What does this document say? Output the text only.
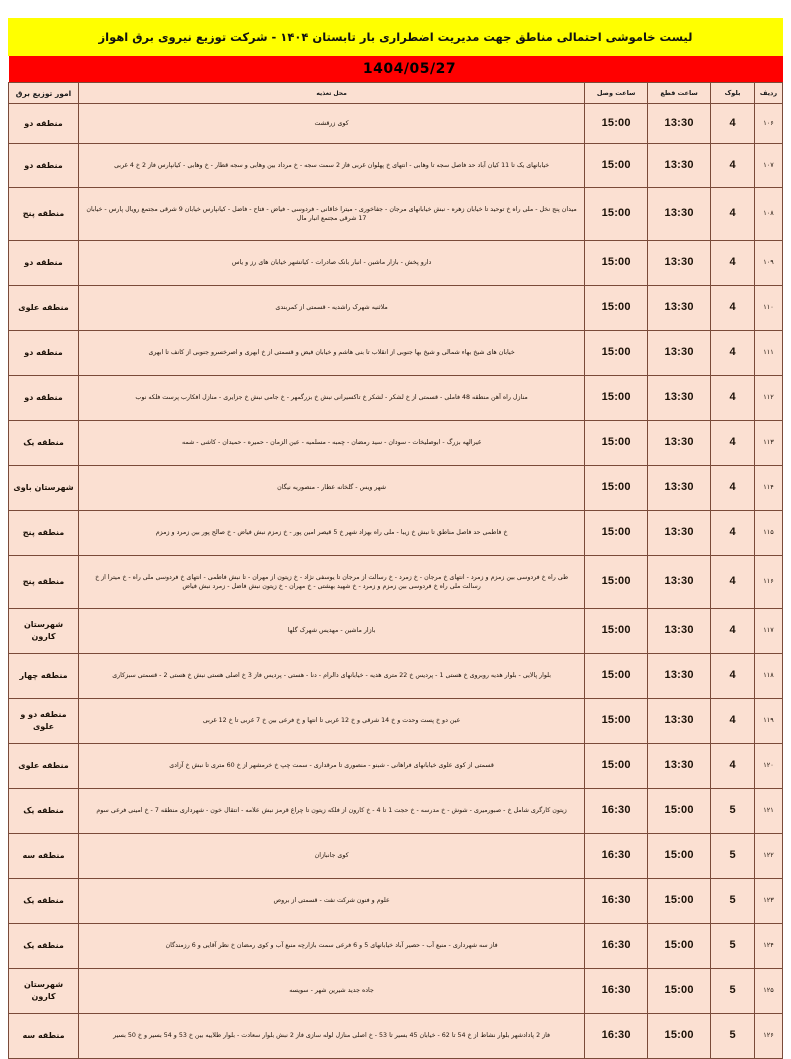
لیست خاموشی احتمالی مناطق جهت مدیریت اضطراری بار تابستان ۱۴۰۴ - شرکت توزیع نیروی برق اهواز
1404/05/27
ردیف	بلوک	ساعت قطع	ساعت وصل	محل تغذیه	امور توزیع برق
۱۰۶	4	13:30	15:00	کوی زرقشت	منطقه دو
۱۰۷	4	13:30	15:00	خیابانهای یک تا 11 کیان آباد حد فاصل سجه تا وهابی - انتهای خ پهلوان غربی فاز 2 سمت سجه - خ مرداد بین وهابی و سجه قطار - خ وهابی - کیانپارس فاز 2 خ 4 غربی	منطقه دو
۱۰۸	4	13:30	15:00	میدان پنج نخل - ملی راه خ توحید تا خیابان زهره - نبش خیابانهای مرجان - جفاخوری - میترا خاقانی - فردوسی - فیاض - فتاح - فاضل - کیانپارس خیابان 9 شرقی مجتمع رویال پارس - خیابان 17 شرقی مجتمع انبار مال	منطقه پنج
۱۰۹	4	13:30	15:00	دارو پخش - بازار ماشین - انبار بانک صادرات - کیانشهر خیابان های رز و یاس	منطقه دو
۱۱۰	4	13:30	15:00	ملاثنیه شهرک راشدیه - قسمتی از کمربندی	منطقه علوی
۱۱۱	4	13:30	15:00	خیابان های شیخ بهاء شمالی و شیخ بها جنوبی از انقلاب تا بنی هاشم و خیابان فیض و قسمتی از خ ابهری و اصرخسرو جنوبی از کانف تا ابهری	منطقه دو
۱۱۲	4	13:30	15:00	منازل راه آهن منطقه 48 فاملی - قسمتی از خ لشکر - لشکر خ تاکسیرانی نبش خ بزرگمهر - خ جامی نبش خ جزایری - منازل افکارب پرست فلکه نوب	منطقه دو
۱۱۳	4	13:30	15:00	غیرالهه بزرگ - ابوصلیخات - سودان - سید رمضان - چمبه - مسلمیه - عین الزمان - حمیره - حمیدان - کاشی - شمه	منطقه یک
۱۱۴	4	13:30	15:00	شهر ویس - گلخانه عطار - منصوریه نیگان	شهرستان باوی
۱۱۵	4	13:30	15:00	خ فاطمی حد فاصل مناطق تا نبش خ زیبا - ملی راه بهزاد شهر خ 5 قیصر امین پور - خ زمزم نبش فیاض - خ صالح پور بین زمرد و زمزم	منطقه پنج
۱۱۶	4	13:30	15:00	طی راه خ فردوسی بین زمزم و زمرد - انتهای خ مرجان - خ زمرد - خ رسالت از مرجان تا یوسفی نژاد - خ زیتون از مهران - تا نبش فاطمی - انتهای خ فردوسی ملی راه - خ میترا از خ رسالت ملی راه خ فردوسی بین زمزم و زمرد - خ شهید بهشتی - خ مهران - خ زیتون نبش فاضل - زمرد نبش فیاض	منطقه پنج
۱۱۷	4	13:30	15:00	بازار ماشین - مهدیس شهرک گلها	شهرستان کارون
۱۱۸	4	13:30	15:00	بلوار پالایی - بلوار هدیه روبروی خ هستی 1 - پردیس خ 22 متری هدیه - خیابانهای دالرام - دنا - هستی - پردیس فاز 3 خ اصلی هستی نبش خ هستی 2 - قسمتی سبزکاری	منطقه چهار
۱۱۹	4	13:30	15:00	عین دو خ پست وحدت و خ 14 شرقی و خ 12 غربی تا انتها و خ فرعی بین خ 7 غربی تا خ 12 غربی	منطقه دو و علوی
۱۲۰	4	13:30	15:00	قسمتی از کوی علوی خیابانهای فراهانی - شبنو - منصوری تا مرقداری - سمت چپ خ خرمشهر از خ 60 متری تا نبش خ آزادی	منطقه علوی
۱۲۱	5	15:00	16:30	زیتون کارگری شامل خ - صبورمیری - شوش - خ مدرسه - خ حجت 1 تا 4 - خ کارون از فلکه زیتون تا چراغ قرمز نبش علامه - انتقال خون - شهرداری منطقه 7 - خ امینی فرعی سوم	منطقه یک
۱۲۲	5	15:00	16:30	کوی جانبازان	منطقه سه
۱۲۳	5	15:00	16:30	علوم و فنون شرکت نفت - قسمتی از بروص	منطقه یک
۱۲۴	5	15:00	16:30	فاز سه شهرداری - منبع آب - حصیر آباد خیابانهای 5 و 6 فرعی سمت بازارچه منبع آب و کوی رمضان خ نظر آقایی و 6 رزمندگان	منطقه یک
۱۲۵	5	15:00	16:30	جاده جدید شیرین شهر - سویسه	شهرستان کارون
۱۲۶	5	15:00	16:30	فاز 2 پادادشهر بلوار نشاط از خ 54 تا 62 - خیابان 45 بسیر تا 53 - خ اصلی منازل لوله سازی فاز 2 نبش بلوار سعادت - بلوار طلاییه بین خ 53 و 54 بسیر و خ 50 بسیر	منطقه سه
